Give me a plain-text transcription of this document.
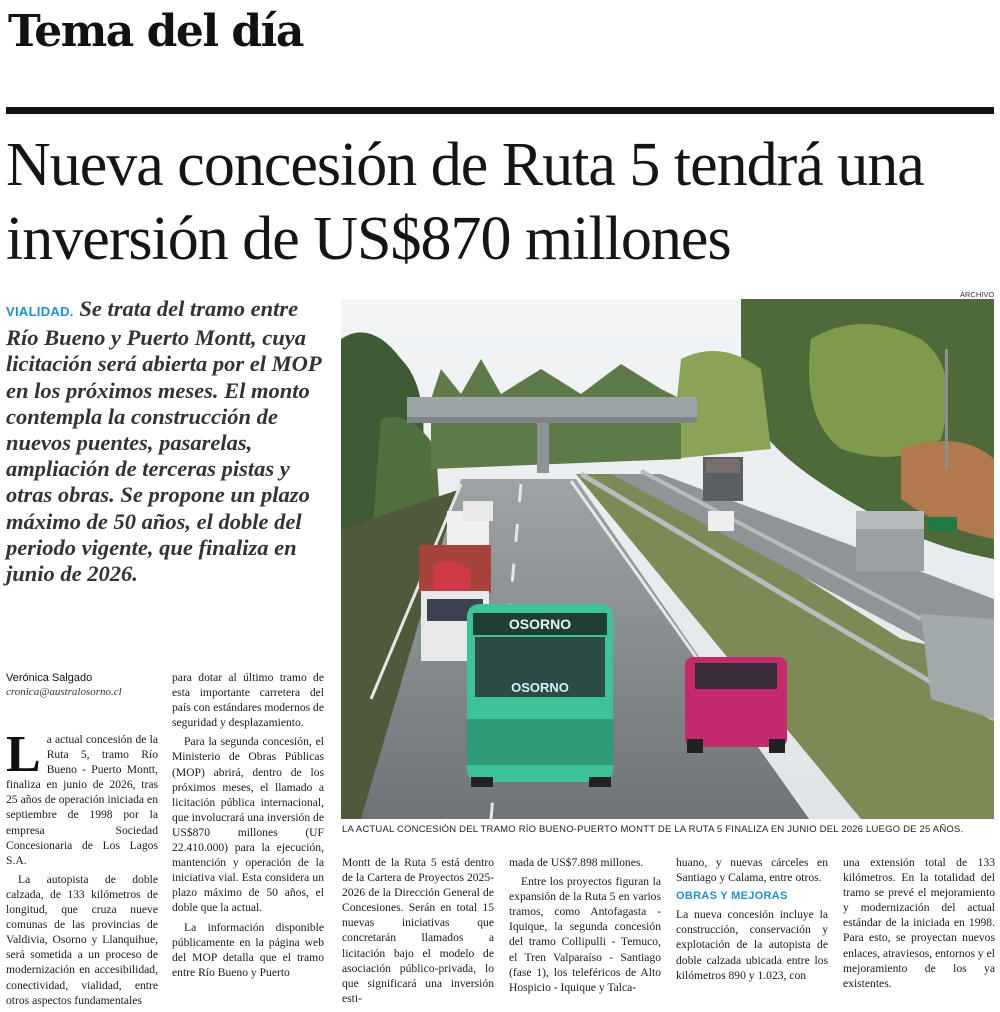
Tema del día
Nueva concesión de Ruta 5 tendrá una inversión de US$870 millones
ARCHIVO
VIALIDAD. Se trata del tramo entre Río Bueno y Puerto Montt, cuya licitación será abierta por el MOP en los próximos meses. El monto contempla la construcción de nuevos puentes, pasarelas, ampliación de terceras pistas y otras obras. Se propone un plazo máximo de 50 años, el doble del periodo vigente, que finaliza en junio de 2026.
OSORNO
OSORNO
LA ACTUAL CONCESIÓN DEL TRAMO RÍO BUENO-PUERTO MONTT DE LA RUTA 5 FINALIZA EN JUNIO DEL 2026 LUEGO DE 25 AÑOS.
Verónica Salgado
cronica@australosorno.cl

La actual concesión de la Ruta 5, tramo Río Bueno - Puerto Montt, finaliza en junio de 2026, tras 25 años de operación iniciada en septiembre de 1998 por la empresa Sociedad Concesionaria de Los Lagos S.A.

La autopista de doble calzada, de 133 kilómetros de longitud, que cruza nueve comunas de las provincias de Valdivia, Osorno y Llanquihue, será sometida a un proceso de modernización en accesibilidad, conectividad, vialidad, entre otros aspectos fundamentales

para dotar al último tramo de esta importante carretera del país con estándares modernos de seguridad y desplazamiento.

Para la segunda concesión, el Ministerio de Obras Públicas (MOP) abrirá, dentro de los próximos meses, el llamado a licitación pública internacional, que involucrará una inversión de US$870 millones (UF 22.410.000) para la ejecución, mantención y operación de la iniciativa vial. Esta considera un plazo máximo de 50 años, el doble que la actual.

La información disponible públicamente en la página web del MOP detalla que el tramo entre Río Bueno y Puerto

Montt de la Ruta 5 está dentro de la Cartera de Proyectos 2025-2026 de la Dirección General de Concesiones. Serán en total 15 nuevas iniciativas que concretarán llamados a licitación bajo el modelo de asociación público-privada, lo que significará una inversión esti-

mada de US$7.898 millones.

Entre los proyectos figuran la expansión de la Ruta 5 en varios tramos, como Antofagasta - Iquique, la segunda concesión del tramo Collipulli - Temuco, el Tren Valparaíso - Santiago (fase 1), los teleféricos de Alto Hospicio - Iquique y Talca-

huano, y nuevas cárceles en Santiago y Calama, entre otros.

OBRAS Y MEJORAS

La nueva concesión incluye la construcción, conservación y explotación de la autopista de doble calzada ubicada entre los kilómetros 890 y 1.023, con

una extensión total de 133 kilómetros. En la totalidad del tramo se prevé el mejoramiento y modernización del actual estándar de la iniciada en 1998. Para esto, se proyectan nuevos enlaces, atraviesos, entornos y el mejoramiento de los ya existentes.
